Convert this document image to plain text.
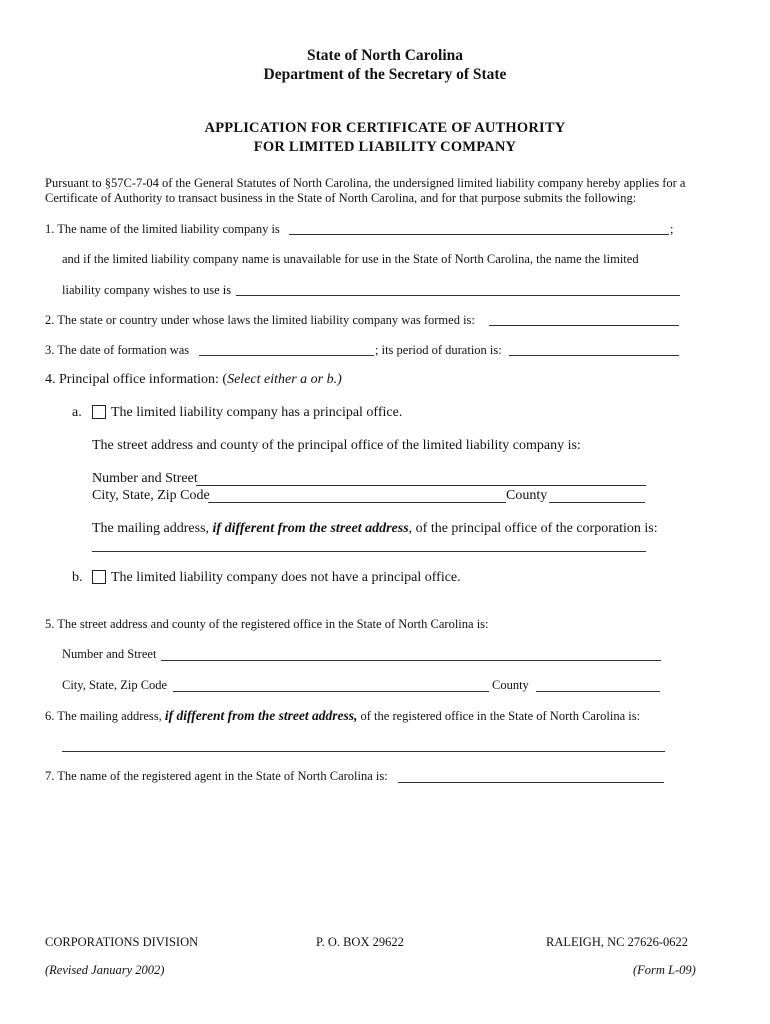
State of North Carolina
Department of the Secretary of State
APPLICATION FOR CERTIFICATE OF AUTHORITY
FOR LIMITED LIABILITY COMPANY
Pursuant to §57C-7-04 of the General Statutes of North Carolina, the undersigned limited liability company hereby applies for a
Certificate of Authority to transact business in the State of North Carolina, and for that purpose submits the following:
1. The name of the limited liability company is	;
and if the limited liability company name is unavailable for use in the State of North Carolina, the name the limited
liability company wishes to use is
2. The state or country under whose laws the limited liability company was formed is:
3. The date of formation was	; its period of duration is:
4. Principal office information: (Select either a or b.)
a. The limited liability company has a principal office.
The street address and county of the principal office of the limited liability company is:
Number and Street
City, State, Zip Code	County
The mailing address, if different from the street address, of the principal office of the corporation is:
b. The limited liability company does not have a principal office.
5. The street address and county of the registered office in the State of North Carolina is:
Number and Street
City, State, Zip Code	County
6. The mailing address, if different from the street address, of the registered office in the State of North Carolina is:
7. The name of the registered agent in the State of North Carolina is:
CORPORATIONS DIVISION	P. O. BOX 29622	RALEIGH, NC 27626-0622
(Revised January 2002)	(Form L-09)
